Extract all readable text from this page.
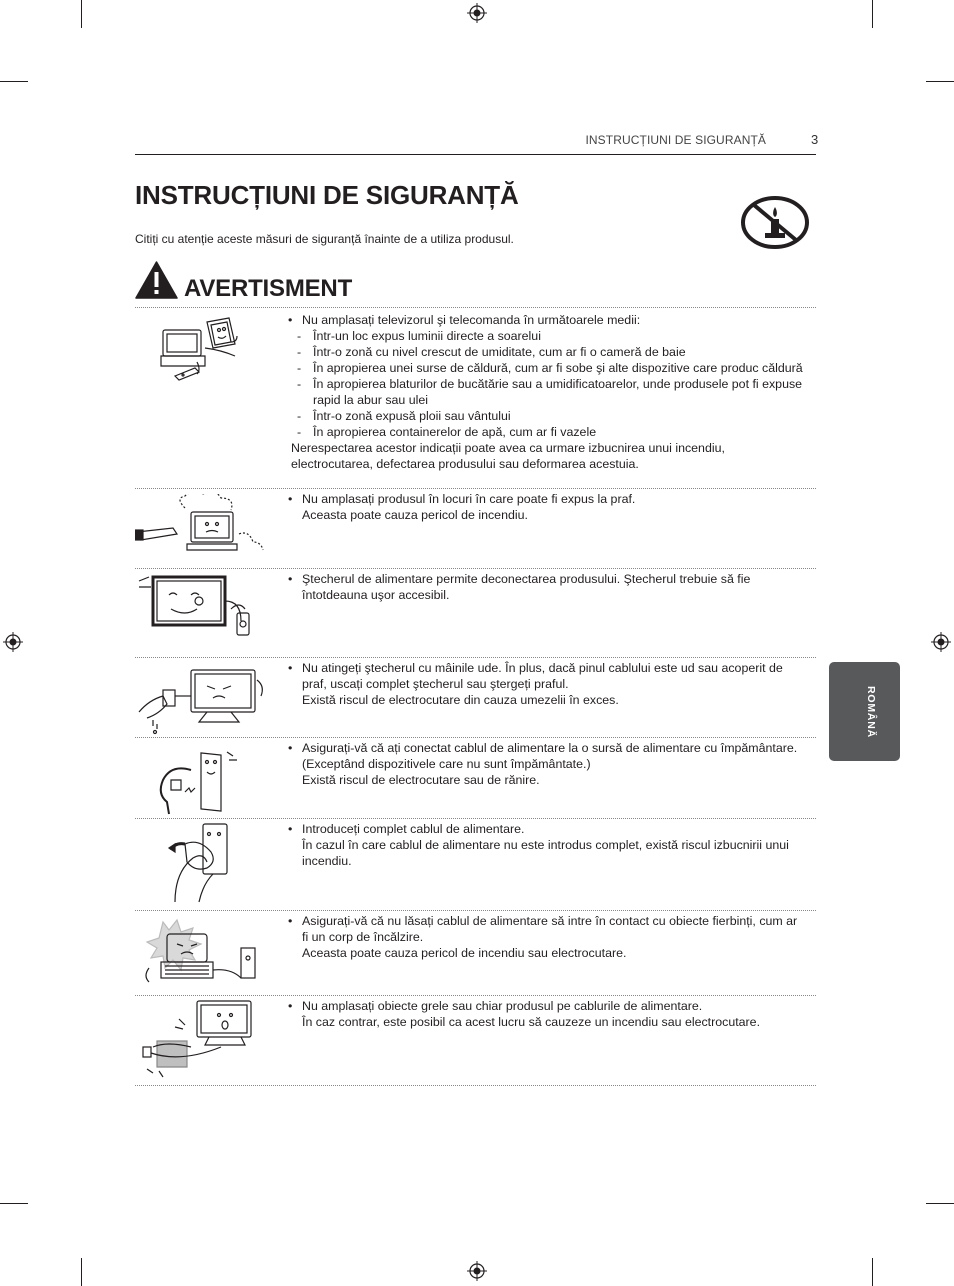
INSTRUCȚIUNI DE SIGURANȚĂ	3
INSTRUCȚIUNI DE SIGURANȚĂ
Citiți cu atenție aceste măsuri de siguranță înainte de a utiliza produsul.
AVERTISMENT
• Nu amplasați televizorul şi telecomanda în următoarele medii:
- Într-un loc expus luminii directe a soarelui
- Într-o zonă cu nivel crescut de umiditate, cum ar fi o cameră de baie
- În apropierea unei surse de căldură, cum ar fi sobe şi alte dispozitive care produc căldură
- În apropierea blaturilor de bucătărie sau a umidificatoarelor, unde produsele pot fi expuse rapid la abur sau ulei
- Într-o zonă expusă ploii sau vântului
- În apropierea containerelor de apă, cum ar fi vazele
Nerespectarea acestor indicații poate avea ca urmare izbucnirea unui incendiu, electrocutarea, defectarea produsului sau deformarea acestuia.
• Nu amplasați produsul în locuri în care poate fi expus la praf.
Aceasta poate cauza pericol de incendiu.
• Ştecherul de alimentare permite deconectarea produsului. Ştecherul trebuie să fie întotdeauna uşor accesibil.
• Nu atingeți ştecherul cu mâinile ude. În plus, dacă pinul cablului este ud sau acoperit de praf, uscați complet ştecherul sau ştergeți praful.
Există riscul de electrocutare din cauza umezelii în exces.
• Asigurați-vă că ați conectat cablul de alimentare la o sursă de alimentare cu împământare. (Exceptând dispozitivele care nu sunt împământate.)
Există riscul de electrocutare sau de rănire.
• Introduceți complet cablul de alimentare.
În cazul în care cablul de alimentare nu este introdus complet, există riscul izbucnirii unui incendiu.
• Asigurați-vă că nu lăsați cablul de alimentare să intre în contact cu obiecte fierbinți, cum ar fi un corp de încălzire.
Aceasta poate cauza pericol de incendiu sau electrocutare.
• Nu amplasați obiecte grele sau chiar produsul pe cablurile de alimentare.
În caz contrar, este posibil ca acest lucru să cauzeze un incendiu sau electrocutare.
ROMÂNĂ
